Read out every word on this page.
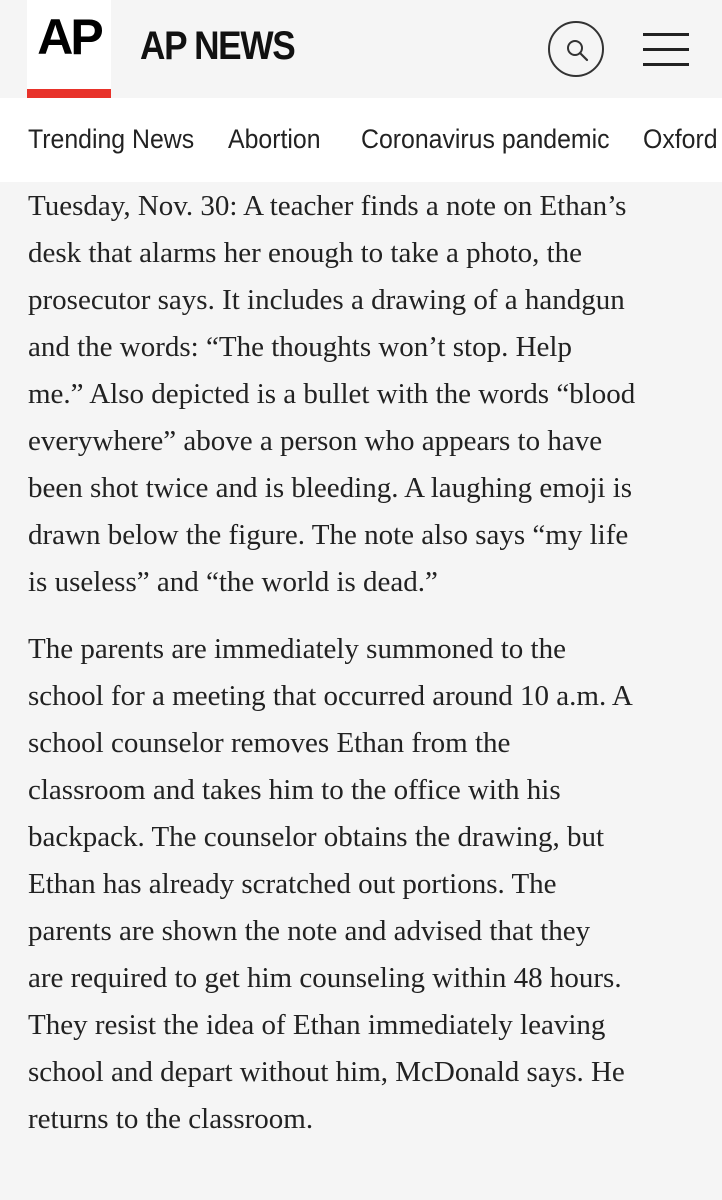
AP AP NEWS
Trending News Abortion Coronavirus pandemic Oxford

Tuesday, Nov. 30: A teacher finds a note on Ethan’s
desk that alarms her enough to take a photo, the
prosecutor says. It includes a drawing of a handgun
and the words: “The thoughts won’t stop. Help
me.” Also depicted is a bullet with the words “blood
everywhere” above a person who appears to have
been shot twice and is bleeding. A laughing emoji is
drawn below the figure. The note also says “my life
is useless” and “the world is dead.”

The parents are immediately summoned to the
school for a meeting that occurred around 10 a.m. A
school counselor removes Ethan from the
classroom and takes him to the office with his
backpack. The counselor obtains the drawing, but
Ethan has already scratched out portions. The
parents are shown the note and advised that they
are required to get him counseling within 48 hours.
They resist the idea of Ethan immediately leaving
school and depart without him, McDonald says. He
returns to the classroom.
